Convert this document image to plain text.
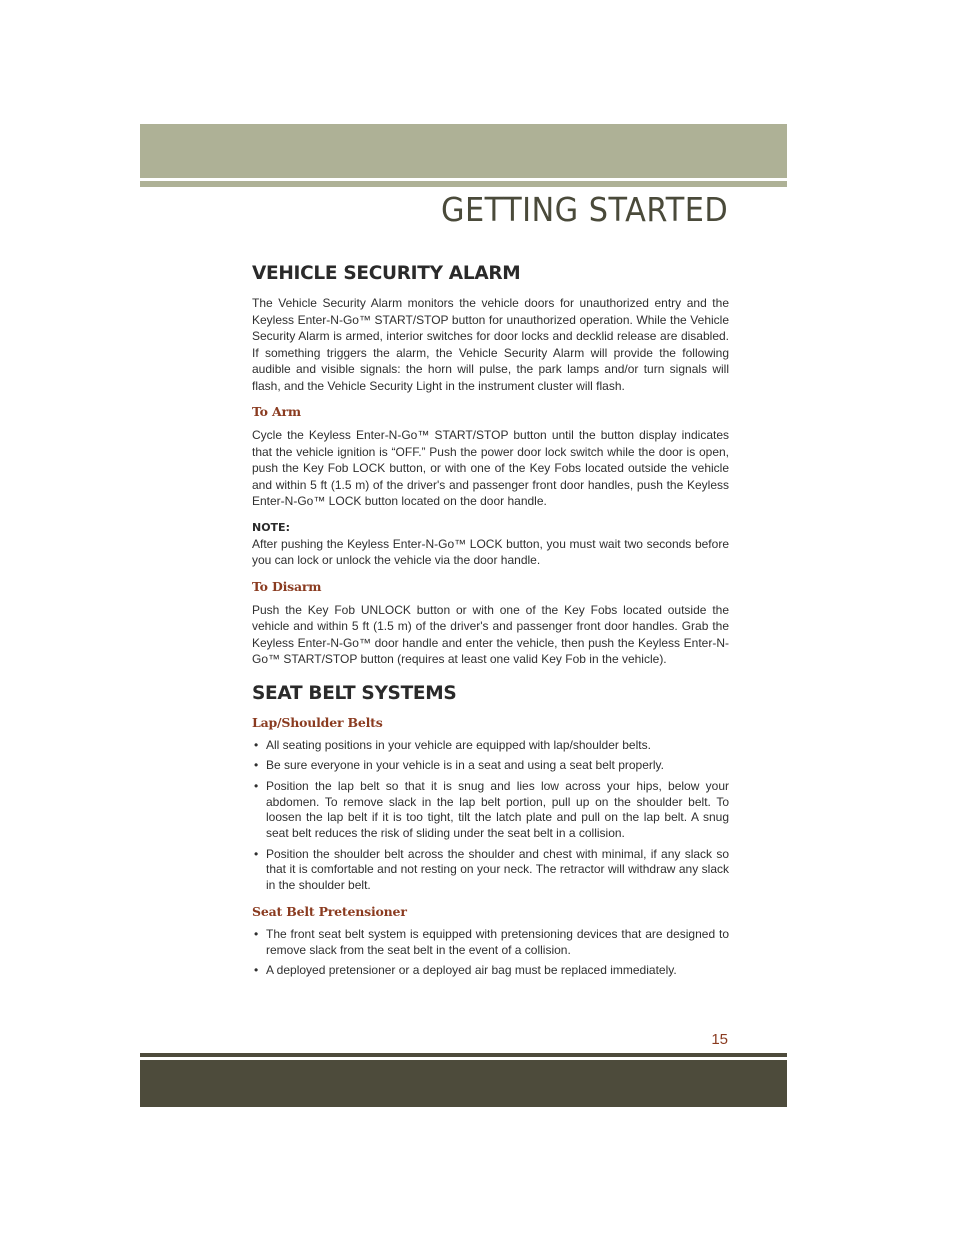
GETTING STARTED
VEHICLE SECURITY ALARM

The Vehicle Security Alarm monitors the vehicle doors for unauthorized entry and the Keyless Enter-N-Go™ START/STOP button for unauthorized operation. While the Vehicle Security Alarm is armed, interior switches for door locks and decklid release are disabled. If something triggers the alarm, the Vehicle Security Alarm will provide the following audible and visible signals: the horn will pulse, the park lamps and/or turn signals will flash, and the Vehicle Security Light in the instrument cluster will flash.

To Arm

Cycle the Keyless Enter-N-Go™ START/STOP button until the button display indicates that the vehicle ignition is “OFF.” Push the power door lock switch while the door is open, push the Key Fob LOCK button, or with one of the Key Fobs located outside the vehicle and within 5 ft (1.5 m) of the driver's and passenger front door handles, push the Keyless Enter-N-Go™ LOCK button located on the door handle.

NOTE:

After pushing the Keyless Enter-N-Go™ LOCK button, you must wait two seconds before you can lock or unlock the vehicle via the door handle.

To Disarm

Push the Key Fob UNLOCK button or with one of the Key Fobs located outside the vehicle and within 5 ft (1.5 m) of the driver's and passenger front door handles. Grab the Keyless Enter-N-Go™ door handle and enter the vehicle, then push the Keyless Enter-N-Go™ START/STOP button (requires at least one valid Key Fob in the vehicle).

SEAT BELT SYSTEMS
Lap/Shoulder Belts
• All seating positions in your vehicle are equipped with lap/shoulder belts.
• Be sure everyone in your vehicle is in a seat and using a seat belt properly.
• Position the lap belt so that it is snug and lies low across your hips, below your abdomen. To remove slack in the lap belt portion, pull up on the shoulder belt. To loosen the lap belt if it is too tight, tilt the latch plate and pull on the lap belt. A snug seat belt reduces the risk of sliding under the seat belt in a collision.
• Position the shoulder belt across the shoulder and chest with minimal, if any slack so that it is comfortable and not resting on your neck. The retractor will withdraw any slack in the shoulder belt.
Seat Belt Pretensioner
• The front seat belt system is equipped with pretensioning devices that are designed to remove slack from the seat belt in the event of a collision.
• A deployed pretensioner or a deployed air bag must be replaced immediately.
15
